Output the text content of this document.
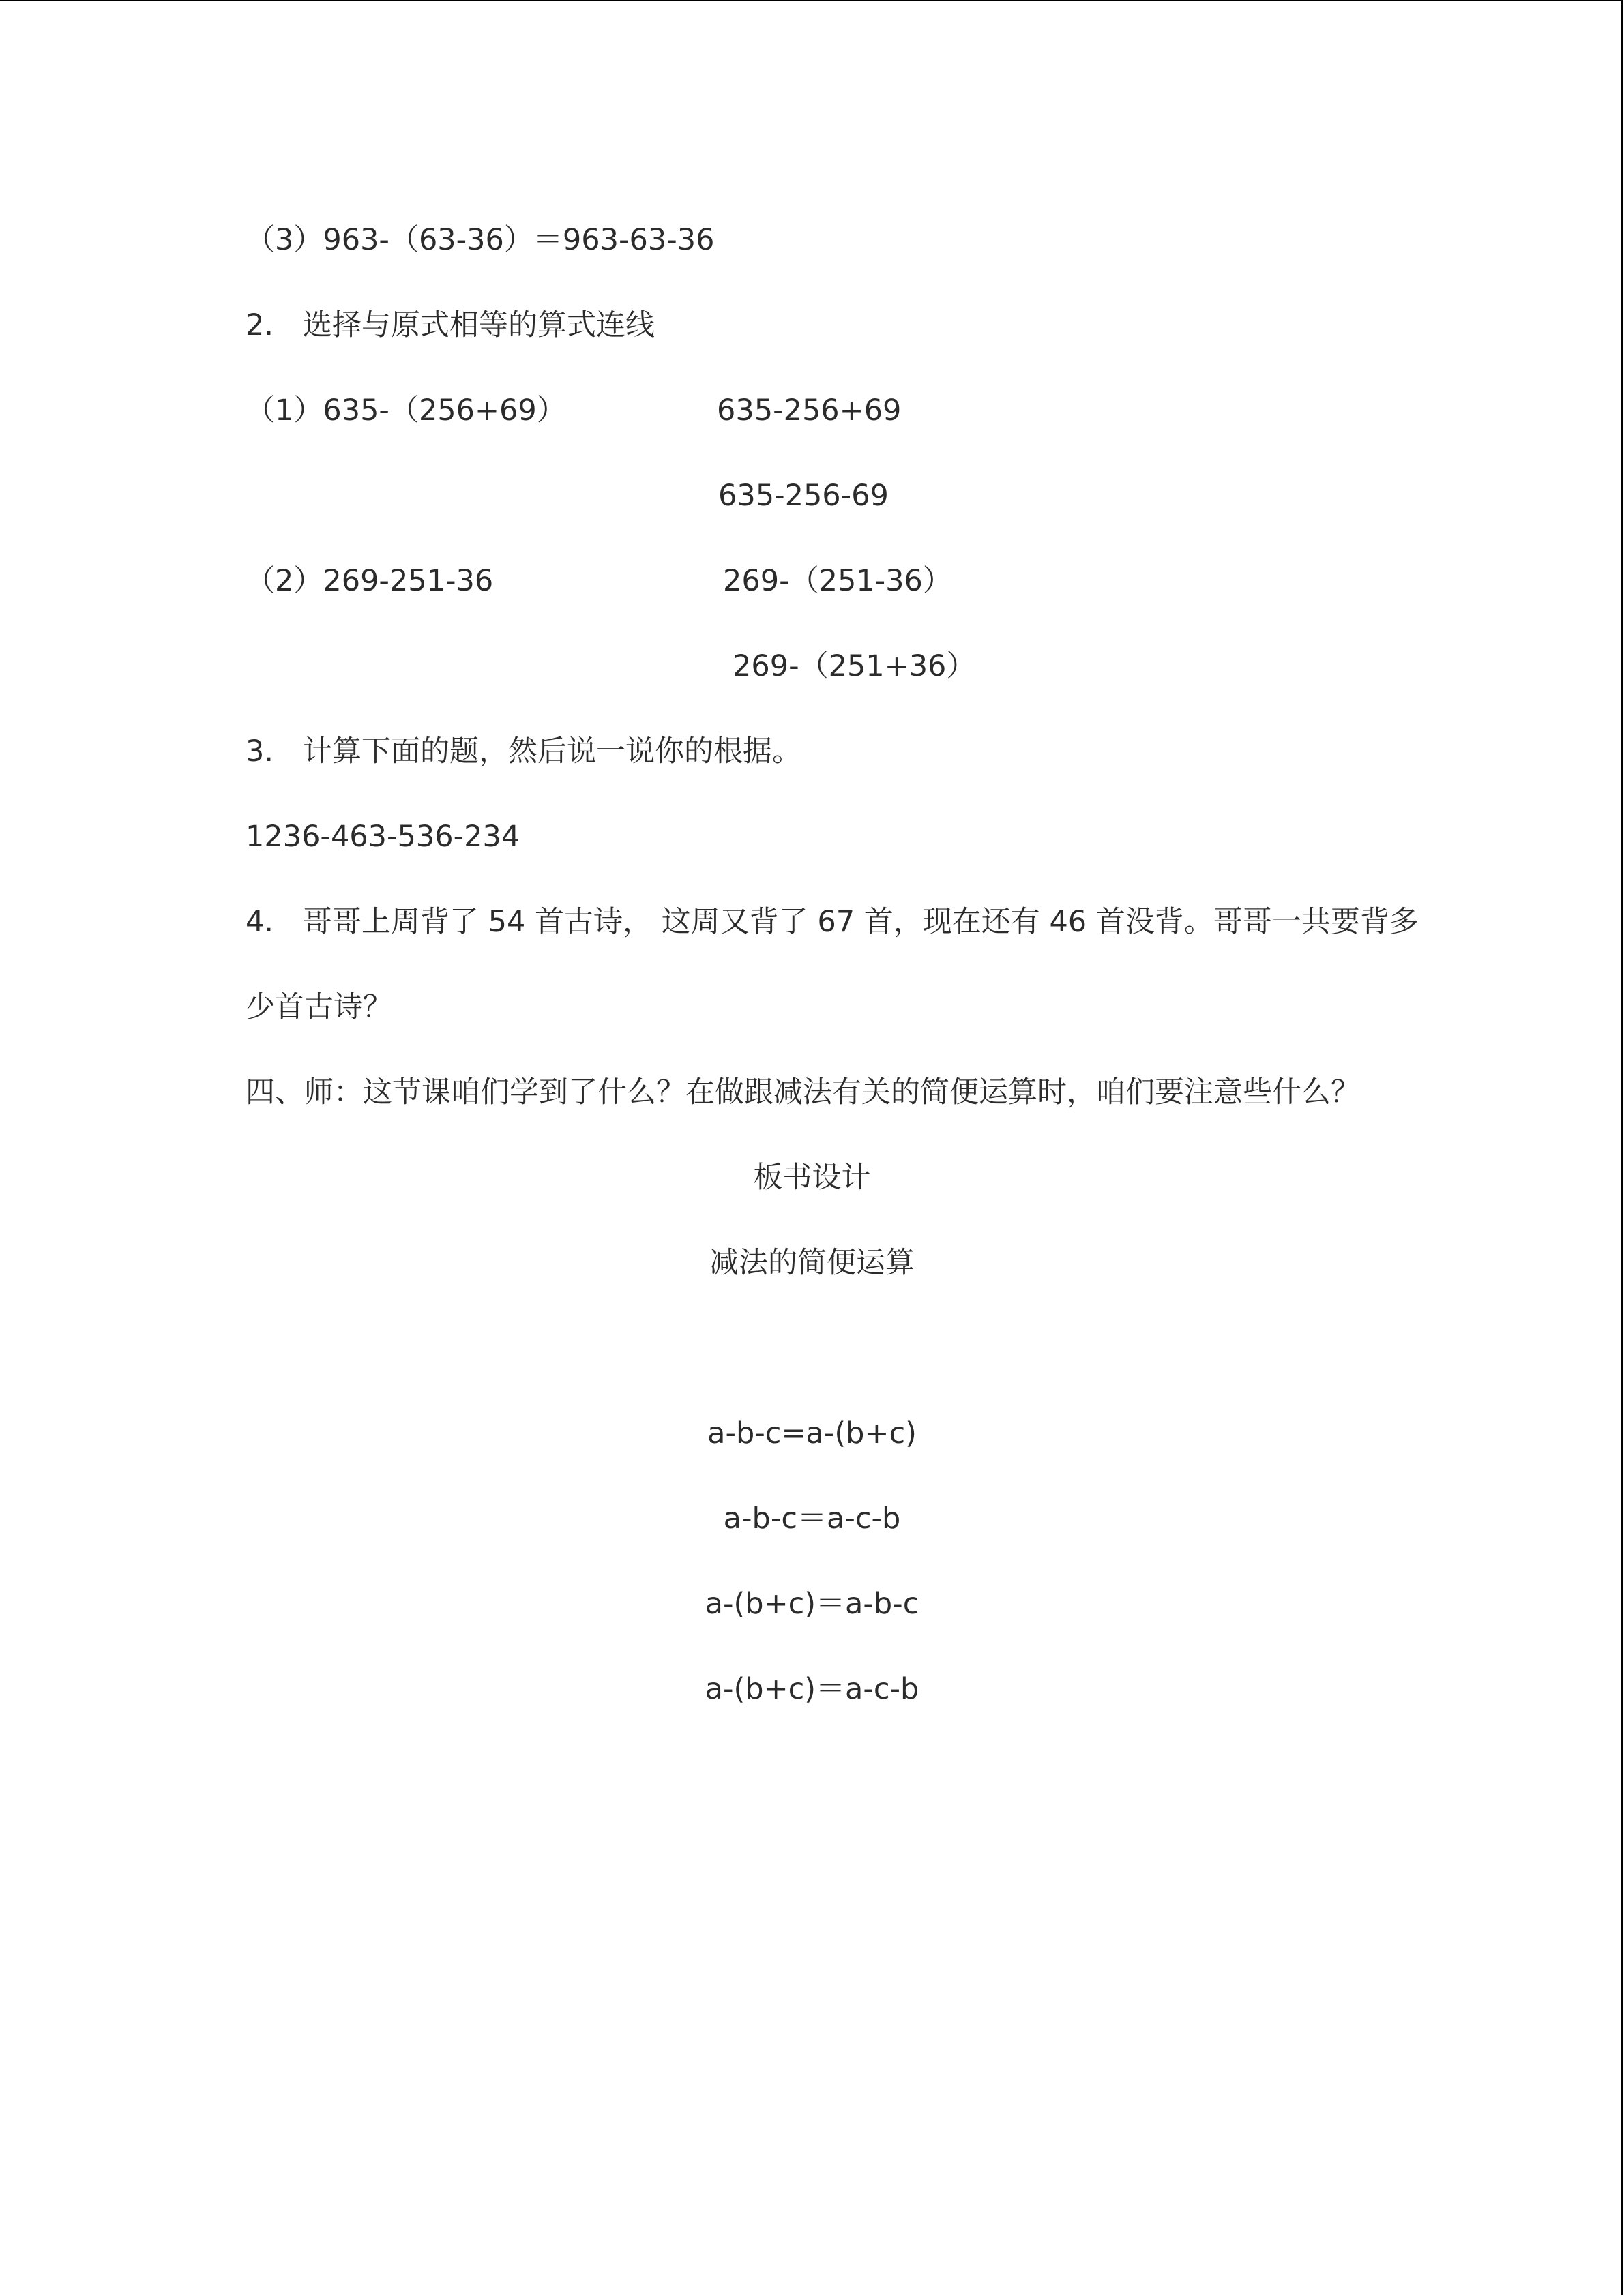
（3）963-（63-36）＝963-63-36
2. 选择与原式相等的算式连线
（1）635-（256+69）	635-256+69
635-256-69
（2）269-251-36	269-（251-36）
269-（251+36）
3. 计算下面的题，然后说一说你的根据。
1236-463-536-234
4. 哥哥上周背了 54 首古诗， 这周又背了 67 首，现在还有 46 首没背。哥哥一共要背多
少首古诗？
四、师：这节课咱们学到了什么？在做跟减法有关的简便运算时，咱们要注意些什么？
板书设计
减法的简便运算
a-b-c=a-(b+c)
a-b-c＝a-c-b
a-(b+c)＝a-b-c
a-(b+c)＝a-c-b
